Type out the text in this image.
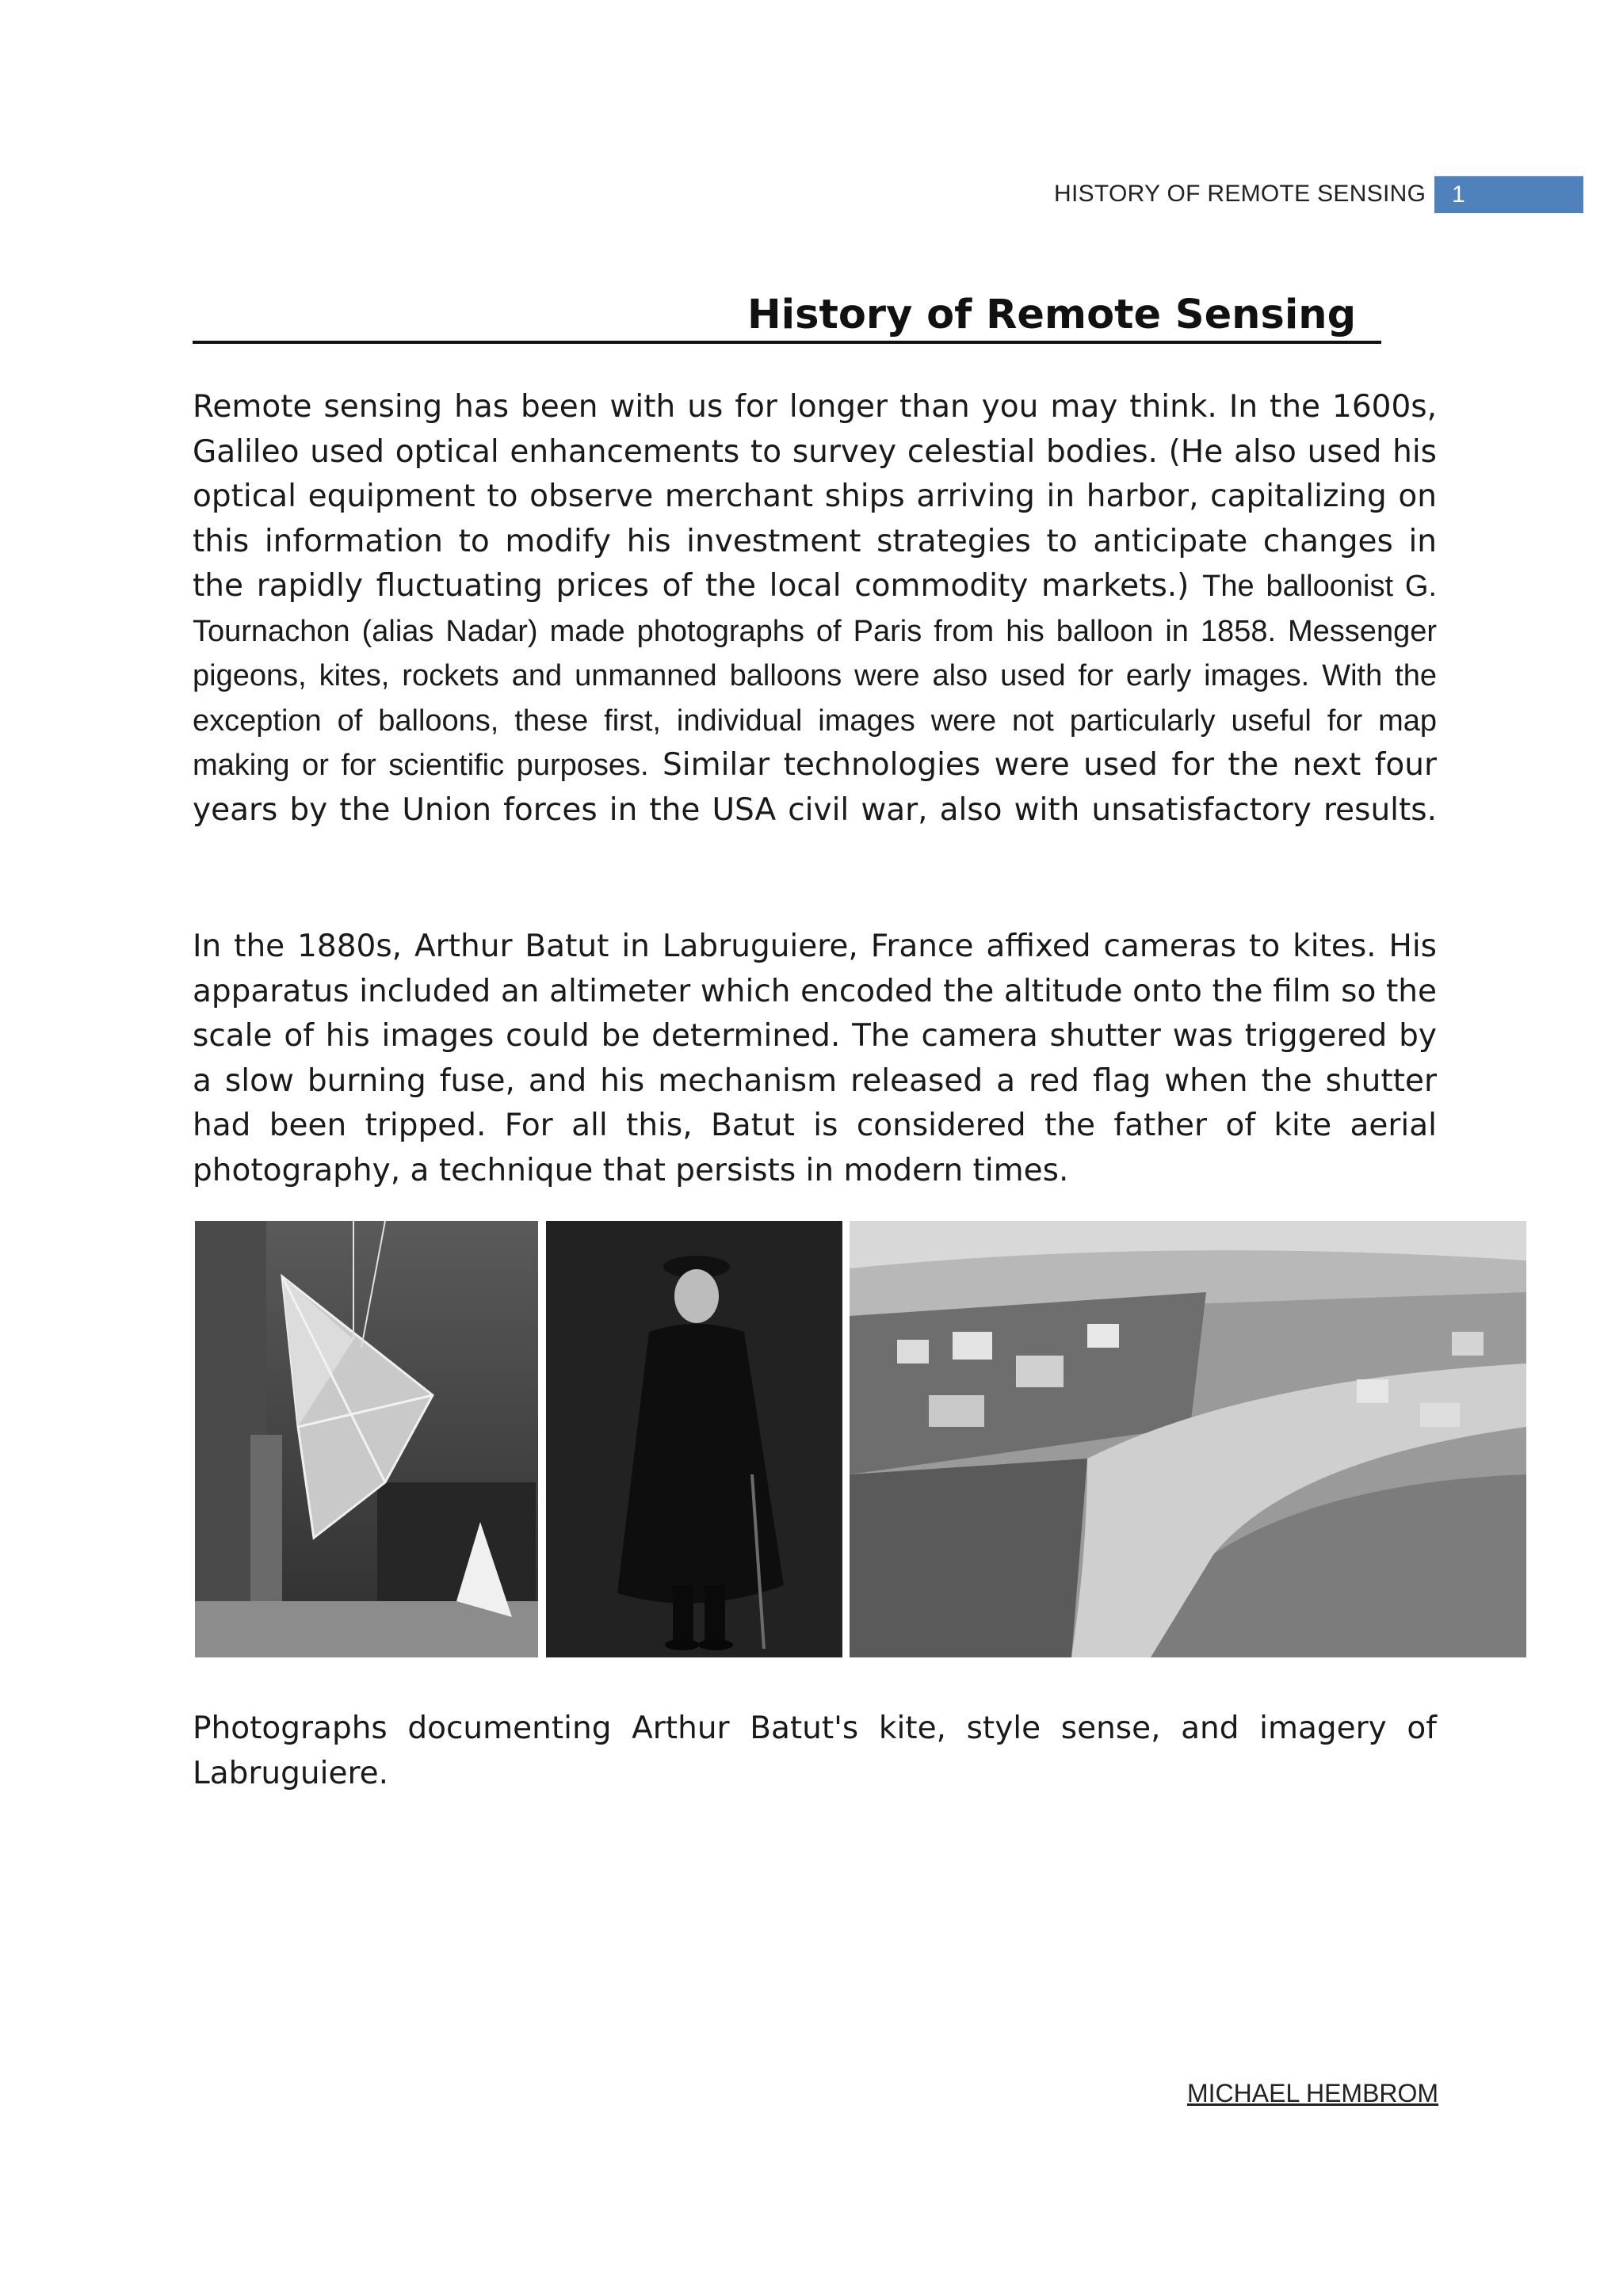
HISTORY OF REMOTE SENSING 1
History of Remote Sensing
Remote sensing has been with us for longer than you may think. In the 1600s, Galileo used optical enhancements to survey celestial bodies. (He also used his optical equipment to observe merchant ships arriving in harbor, capitalizing on this information to modify his investment strategies to anticipate changes in the rapidly fluctuating prices of the local commodity markets.) The balloonist G. Tournachon (alias Nadar) made photographs of Paris from his balloon in 1858. Messenger pigeons, kites, rockets and unmanned balloons were also used for early images. With the exception of balloons, these first, individual images were not particularly useful for map making or for scientific purposes. Similar technologies were used for the next four years by the Union forces in the USA civil war, also with unsatisfactory results.
In the 1880s, Arthur Batut in Labruguiere, France affixed cameras to kites. His apparatus included an altimeter which encoded the altitude onto the film so the scale of his images could be determined. The camera shutter was triggered by a slow burning fuse, and his mechanism released a red flag when the shutter had been tripped. For all this, Batut is considered the father of kite aerial photography, a technique that persists in modern times.
Photographs documenting Arthur Batut's kite, style sense, and imagery of
Labruguiere.
MICHAEL HEMBROM
